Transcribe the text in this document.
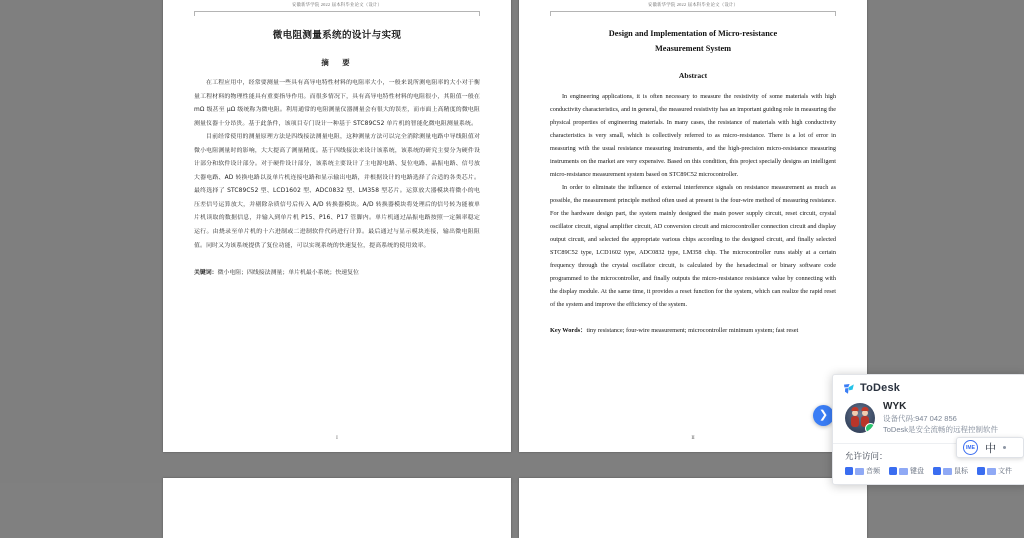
安徽新华学院 2022 届本科毕业论文（设计）
微电阻测量系统的设计与实现
摘　要

在工程应用中，经常要测量一些具有高导电特性材料的电阻率大小，一般来说所测电阻率的大小对于衡量工程材料的物理性能具有重要指导作用。而很多情况下，具有高导电特性材料的电阻很小，其阻值一般在 mΩ 级甚至 μΩ 级统称为微电阻。利用通常的电阻测量仪器测量会有很大的误差，而市面上高精度的微电阻测量仪器十分昂贵。基于此条件，该项目专门设计一种基于 STC89C52 单片机的智能化微电阻测量系统。

目前经常使用的测量原理方法是四线接法测量电阻，这种测量方法可以完全消除测量电路中导线阻值对微小电阻测量时的影响，大大提高了测量精度。基于四线接法来设计该系统，该系统的研究主要分为硬件设计部分和软件设计部分。对于硬件设计部分，该系统主要设计了主电源电路、复位电路、晶振电路、信号放大器电路、AD 转换电路以及单片机连接电路和显示输出电路，并根据设计的电路选择了合适的各类芯片。最终选择了 STC89C52 型、LCD1602 型、ADC0832 型、LM358 型芯片。运算放大器模块将微小的电压差信号运算放大，并剔除杂质信号后传入 A/D 转换器模块。A/D 转换器模块将处理后的信号转为能被单片机读取的数据信息，并输入到单片机 P15、P16、P17 管脚内。单片机通过晶振电路按照一定频率稳定运行。由烧录至单片机的十六进制或二进制软件代码进行计算。最后通过与显示模块连接，输出微电阻阻值。同时又为该系统提供了复位功能，可以实现系统的快速复位，提高系统的使用效率。

关键词：微小电阻；四线接法测量；单片机最小系统；快速复位
I
安徽新华学院 2022 届本科毕业论文（设计）
Design and Implementation of Micro-resistance
Measurement System
Abstract

In engineering applications, it is often necessary to measure the resistivity of some materials with high conductivity characteristics, and in general, the measured resistivity has an important guiding role in measuring the physical properties of engineering materials. In many cases, the resistance of materials with high conductivity characteristics is very small, which is collectively referred to as micro-resistance. There is a lot of error in measuring with the usual resistance measuring instruments, and the high-precision micro-resistance measuring instruments on the market are very expensive. Based on this condition, this project specially designs an intelligent micro-resistance measurement system based on STC89C52 microcontroller.

In order to eliminate the influence of external interference signals on resistance measurement as much as possible, the measurement principle method often used at present is the four-wire method of measuring resistance. For the hardware design part, the system mainly designed the main power supply circuit, reset circuit, crystal oscillator circuit, signal amplifier circuit, AD conversion circuit and microcontroller connection circuit and display output circuit, and selected the appropriate various chips according to the designed circuit, and finally selected STC89C52 type, LCD1602 type, ADC0832 type, LM358 chip. The microcontroller runs stably at a certain frequency through the crystal oscillator circuit, is calculated by the hexadecimal or binary software code programmed to the microcontroller, and finally outputs the micro-resistance resistance value by connecting with the display module. At the same time, it provides a reset function for the system, which can realize the rapid reset of the system and improve the efficiency of the system.

Key Words：tiny resistance; four-wire measurement; microcontroller minimum system; fast reset
II
❯
ToDesk
WYK
设备代码:947 042 856
ToDesk是安全流畅的远程控制软件
允许访问：
音频	键盘	鼠标	文件
IME 中
